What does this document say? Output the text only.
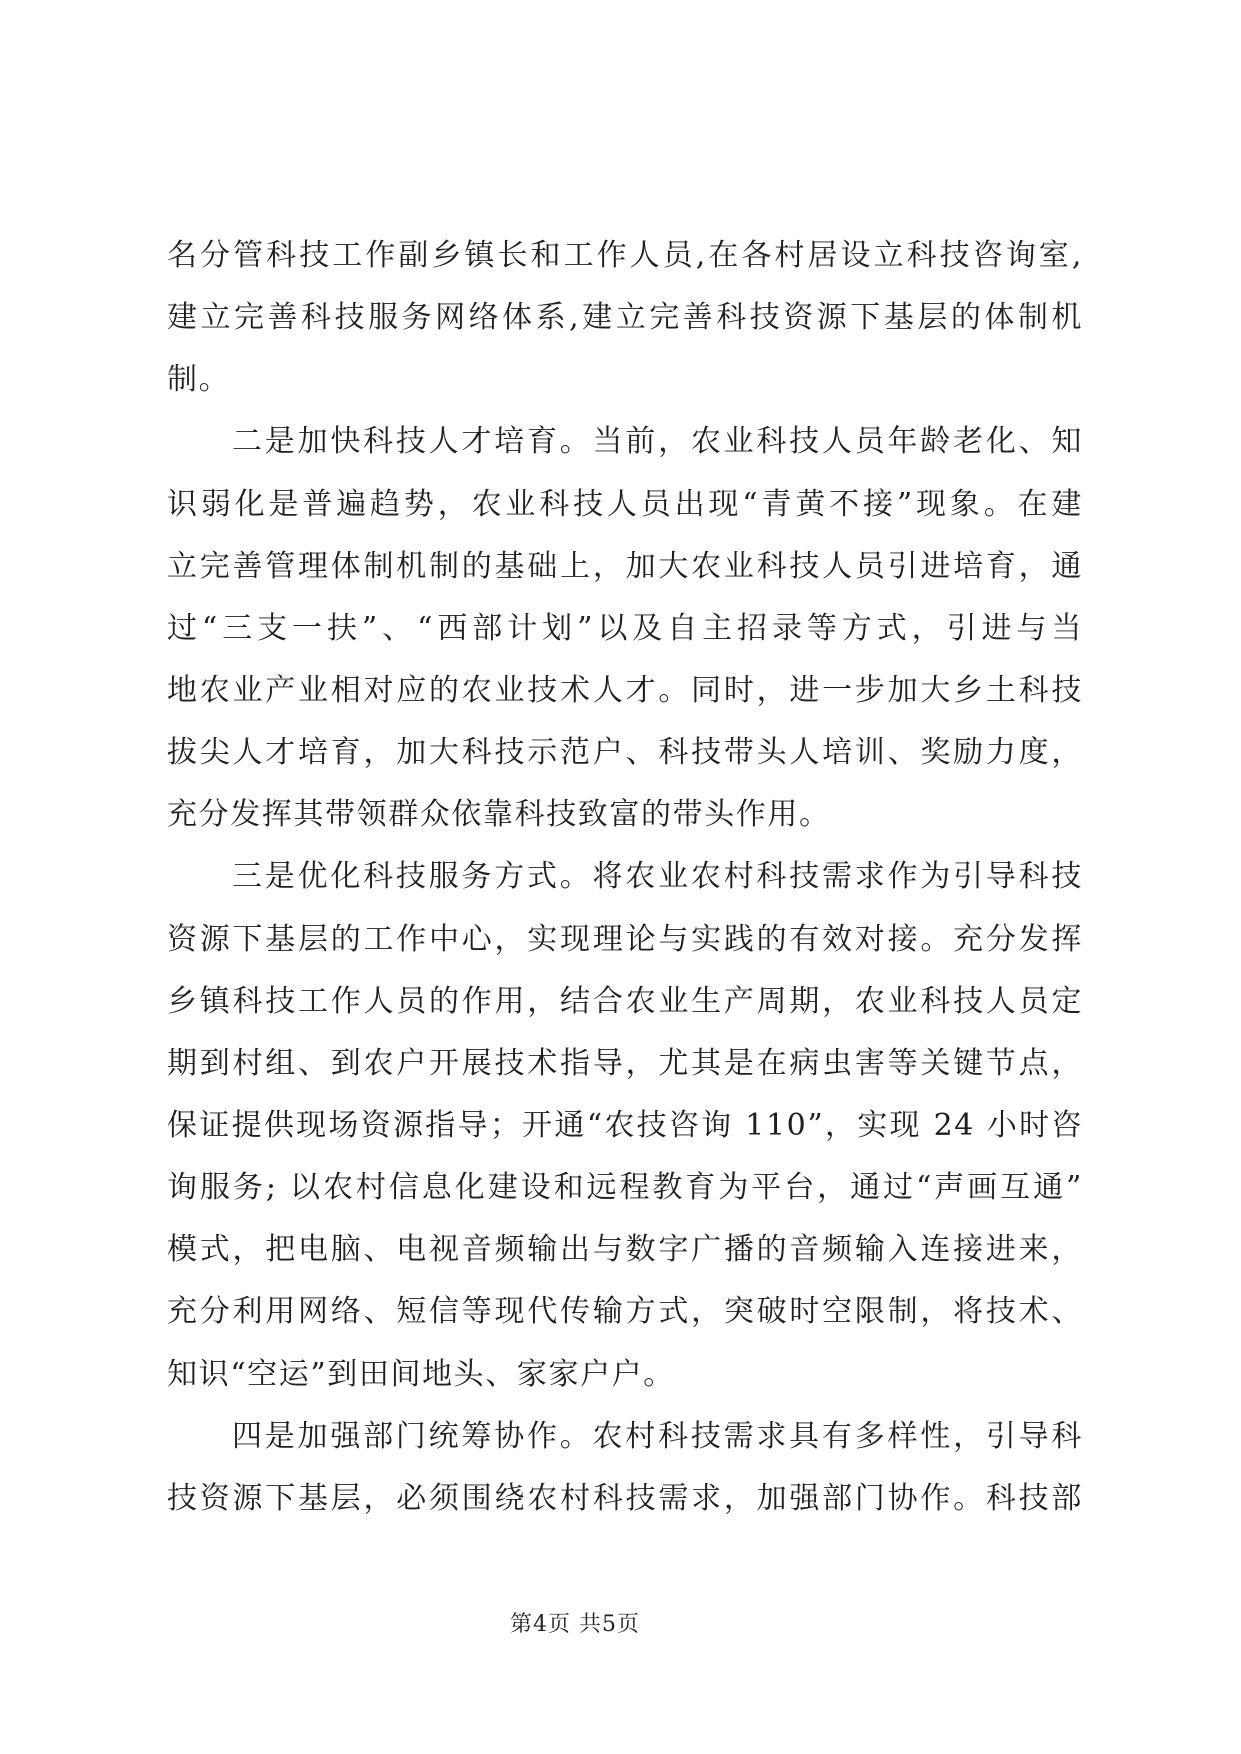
名分管科技工作副乡镇长和工作人员,在各村居设立科技咨询室,
建立完善科技服务网络体系,建立完善科技资源下基层的体制机
制。
二是加快科技人才培育。当前，农业科技人员年龄老化、知
识弱化是普遍趋势，农业科技人员出现“青黄不接”现象。在建
立完善管理体制机制的基础上，加大农业科技人员引进培育，通
过“三支一扶”、“西部计划”以及自主招录等方式，引进与当
地农业产业相对应的农业技术人才。同时，进一步加大乡土科技
拔尖人才培育，加大科技示范户、科技带头人培训、奖励力度，
充分发挥其带领群众依靠科技致富的带头作用。
三是优化科技服务方式。将农业农村科技需求作为引导科技
资源下基层的工作中心，实现理论与实践的有效对接。充分发挥
乡镇科技工作人员的作用，结合农业生产周期，农业科技人员定
期到村组、到农户开展技术指导，尤其是在病虫害等关键节点，
保证提供现场资源指导；开通“农技咨询 110”，实现 24 小时咨
询服务; 以农村信息化建设和远程教育为平台，通过“声画互通”
模式，把电脑、电视音频输出与数字广播的音频输入连接进来，
充分利用网络、短信等现代传输方式，突破时空限制，将技术、
知识“空运”到田间地头、家家户户。
四是加强部门统筹协作。农村科技需求具有多样性，引导科
技资源下基层，必须围绕农村科技需求，加强部门协作。科技部
第4页 共5页
